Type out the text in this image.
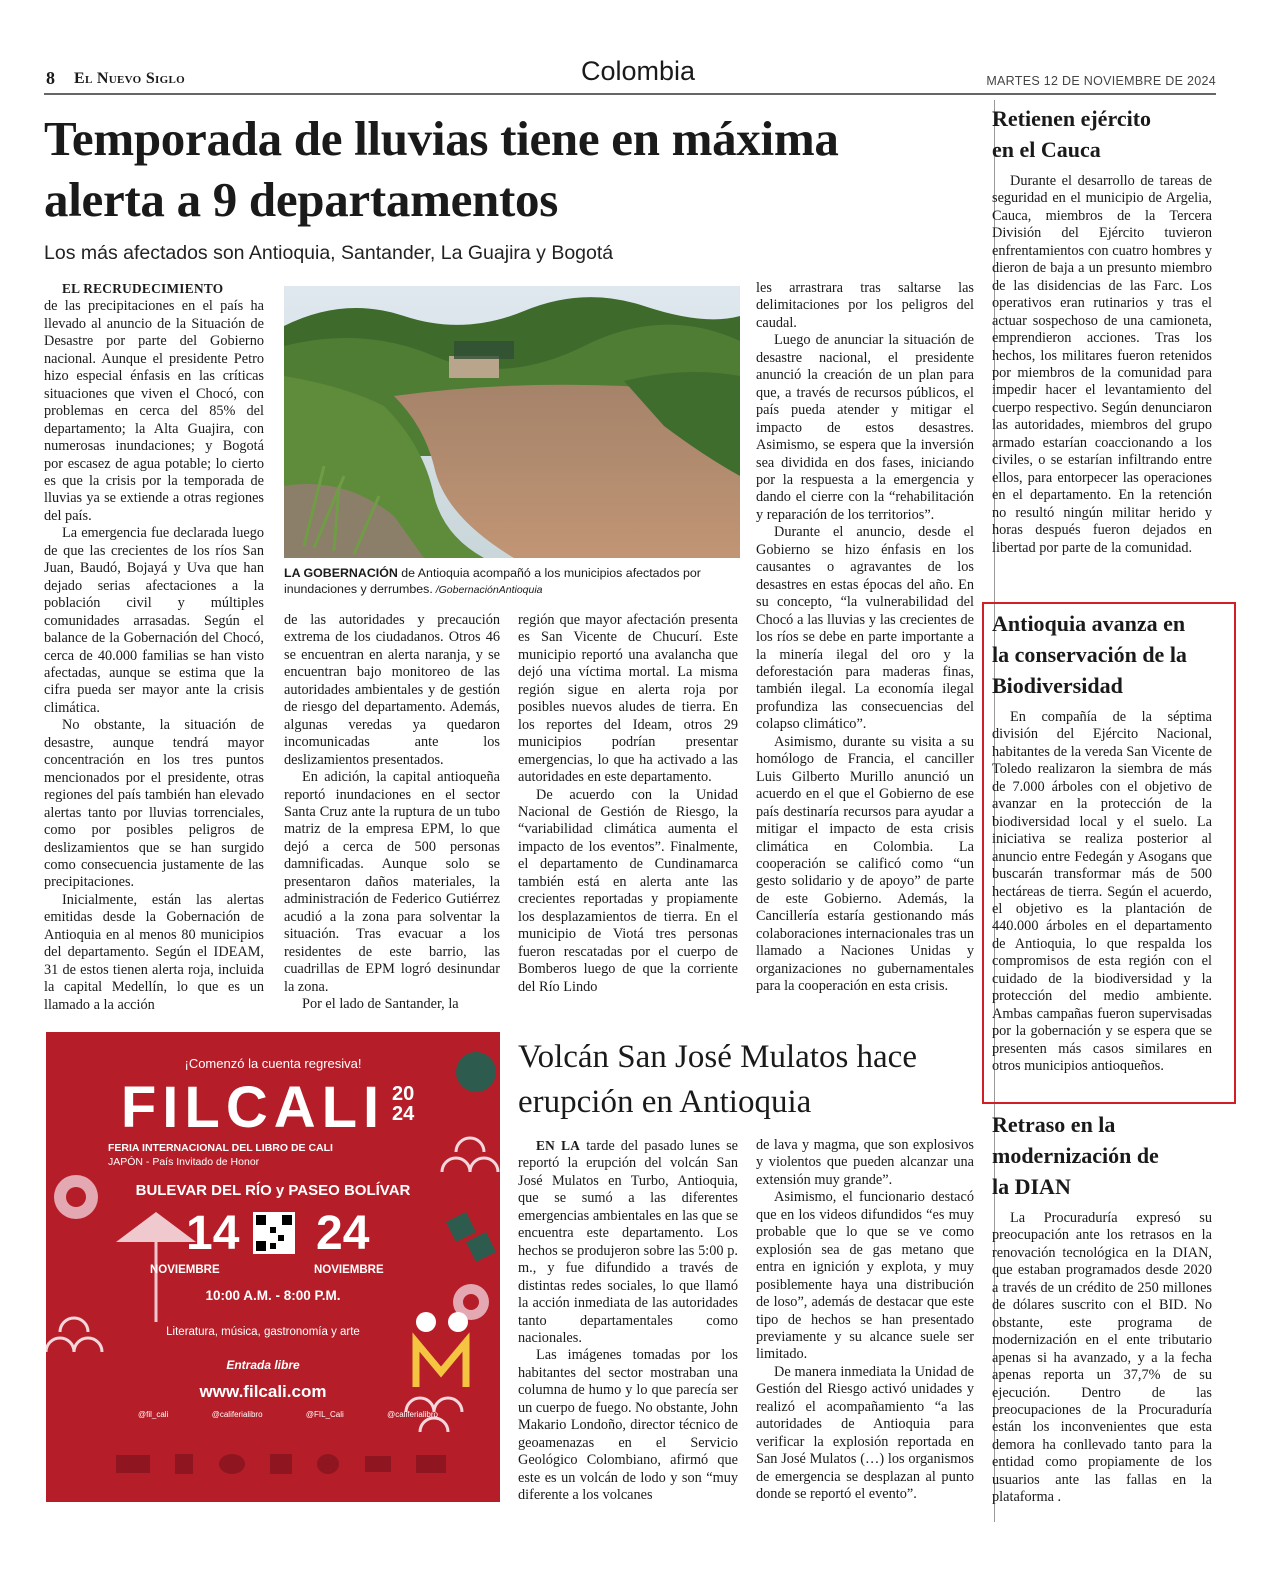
8 El Nuevo Siglo	Colombia	MARTES 12 DE NOVIEMBRE DE 2024
Temporada de lluvias tiene en máxima alerta a 9 departamentos
Los más afectados son Antioquia, Santander, La Guajira y Bogotá

EL RECRUDECIMIENTO
de las precipitaciones en el país ha llevado al anuncio de la Situación de Desastre por parte del Gobierno nacional. Aunque el presidente Petro hizo especial énfasis en las críticas situaciones que viven el Chocó, con problemas en cerca del 85% del departamento; la Alta Guajira, con numerosas inundaciones; y Bogotá por escasez de agua potable; lo cierto es que la crisis por la temporada de lluvias ya se extiende a otras regiones del país.

La emergencia fue declarada luego de que las crecientes de los ríos San Juan, Baudó, Bojayá y Uva que han dejado serias afectaciones a la población civil y múltiples comunidades arrasadas. Según el balance de la Gobernación del Chocó, cerca de 40.000 familias se han visto afectadas, aunque se estima que la cifra pueda ser mayor ante la crisis climática.

No obstante, la situación de desastre, aunque tendrá mayor concentración en los tres puntos mencionados por el presidente, otras regiones del país también han elevado alertas tanto por lluvias torrenciales, como por posibles peligros de deslizamientos que se han surgido como consecuencia justamente de las precipitaciones.

Inicialmente, están las alertas emitidas desde la Gobernación de Antioquia en al menos 80 municipios del departamento. Según el IDEAM, 31 de estos tienen alerta roja, incluida la capital Medellín, lo que es un llamado a la acción

LA GOBERNACIÓN de Antioquia acompañó a los municipios afectados por inundaciones y derrumbes. /GobernaciónAntioquia

de las autoridades y precaución extrema de los ciudadanos. Otros 46 se encuentran en alerta naranja, y se encuentran bajo monitoreo de las autoridades ambientales y de gestión de riesgo del departamento. Además, algunas veredas ya quedaron incomunicadas ante los deslizamientos presentados.

En adición, la capital antioqueña reportó inundaciones en el sector Santa Cruz ante la ruptura de un tubo matriz de la empresa EPM, lo que dejó a cerca de 500 personas damnificadas. Aunque solo se presentaron daños materiales, la administración de Federico Gutiérrez acudió a la zona para solventar la situación. Tras evacuar a los residentes de este barrio, las cuadrillas de EPM logró desinundar la zona.

Por el lado de Santander, la

región que mayor afectación presenta es San Vicente de Chucurí. Este municipio reportó una avalancha que dejó una víctima mortal. La misma región sigue en alerta roja por posibles nuevos aludes de tierra. En los reportes del Ideam, otros 29 municipios podrían presentar emergencias, lo que ha activado a las autoridades en este departamento.

De acuerdo con la Unidad Nacional de Gestión de Riesgo, la “variabilidad climática aumenta el impacto de los eventos”. Finalmente, el departamento de Cundinamarca también está en alerta ante las crecientes reportadas y propiamente los desplazamientos de tierra. En el municipio de Viotá tres personas fueron rescatadas por el cuerpo de Bomberos luego de que la corriente del Río Lindo

les arrastrara tras saltarse las delimitaciones por los peligros del caudal.

Luego de anunciar la situación de desastre nacional, el presidente anunció la creación de un plan para que, a través de recursos públicos, el país pueda atender y mitigar el impacto de estos desastres. Asimismo, se espera que la inversión sea dividida en dos fases, iniciando por la respuesta a la emergencia y dando el cierre con la “rehabilitación y reparación de los territorios”.

Durante el anuncio, desde el Gobierno se hizo énfasis en los causantes o agravantes de los desastres en estas épocas del año. En su concepto, “la vulnerabilidad del Chocó a las lluvias y las crecientes de los ríos se debe en parte importante a la minería ilegal del oro y la deforestación para maderas finas, también ilegal. La economía ilegal profundiza las consecuencias del colapso climático”.

Asimismo, durante su visita a su homólogo de Francia, el canciller Luis Gilberto Murillo anunció un acuerdo en el que el Gobierno de ese país destinaría recursos para ayudar a mitigar el impacto de esta crisis climática en Colombia. La cooperación se calificó como “un gesto solidario y de apoyo” de parte de este Gobierno. Además, la Cancillería estaría gestionando más colaboraciones internacionales tras un llamado a Naciones Unidas y organizaciones no gubernamentales para la cooperación en esta crisis.

Volcán San José Mulatos hace erupción en Antioquia

EN LA tarde del pasado lunes se reportó la erupción del volcán San José Mulatos en Turbo, Antioquia, que se sumó a las diferentes emergencias ambientales en las que se encuentra este departamento. Los hechos se produjeron sobre las 5:00 p. m., y fue difundido a través de distintas redes sociales, lo que llamó la acción inmediata de las autoridades tanto departamentales como nacionales.

Las imágenes tomadas por los habitantes del sector mostraban una columna de humo y lo que parecía ser un cuerpo de fuego. No obstante, John Makario Londoño, director técnico de geoamenazas en el Servicio Geológico Colombiano, afirmó que este es un volcán de lodo y son “muy diferente a los volcanes

de lava y magma, que son explosivos y violentos que pueden alcanzar una extensión muy grande”.

Asimismo, el funcionario destacó que en los videos difundidos “es muy probable que lo que se ve como explosión sea de gas metano que entra en ignición y explota, y muy posiblemente haya una distribución de loso”, además de destacar que este tipo de hechos se han presentado previamente y su alcance suele ser limitado.

De manera inmediata la Unidad de Gestión del Riesgo activó unidades y realizó el acompañamiento “a las autoridades de Antioquia para verificar la explosión reportada en San José Mulatos (…) los organismos de emergencia se desplazan al punto donde se reportó el evento”.

Retienen ejército en el Cauca

Durante el desarrollo de tareas de seguridad en el municipio de Argelia, Cauca, miembros de la Tercera División del Ejército tuvieron enfrentamientos con cuatro hombres y dieron de baja a un presunto miembro de las disidencias de las Farc. Los operativos eran rutinarios y tras el actuar sospechoso de una camioneta, emprendieron acciones. Tras los hechos, los militares fueron retenidos por miembros de la comunidad para impedir hacer el levantamiento del cuerpo respectivo. Según denunciaron las autoridades, miembros del grupo armado estarían coaccionando a los civiles, o se estarían infiltrando entre ellos, para entorpecer las operaciones en el departamento. En la retención no resultó ningún militar herido y horas después fueron dejados en libertad por parte de la comunidad.

Antioquia avanza en la conservación de la Biodiversidad

En compañía de la séptima división del Ejército Nacional, habitantes de la vereda San Vicente de Toledo realizaron la siembra de más de 7.000 árboles con el objetivo de avanzar en la protección de la biodiversidad local y el suelo. La iniciativa se realiza posterior al anuncio entre Fedegán y Asogans que buscarán transformar más de 500 hectáreas de tierra. Según el acuerdo, el objetivo es la plantación de 440.000 árboles en el departamento de Antioquia, lo que respalda los compromisos de esta región con el cuidado de la biodiversidad y la protección del medio ambiente. Ambas campañas fueron supervisadas por la gobernación y se espera que se presenten más casos similares en otros municipios antioqueños.

Retraso en la modernización de la DIAN

La Procuraduría expresó su preocupación ante los retrasos en la renovación tecnológica en la DIAN, que estaban programados desde 2020 a través de un crédito de 250 millones de dólares suscrito con el BID. No obstante, este programa de modernización en el ente tributario apenas si ha avanzado, y a la fecha apenas reporta un 37,7% de su ejecución. Dentro de las preocupaciones de la Procuraduría están los inconvenientes que esta demora ha conllevado tanto para la entidad como propiamente de los usuarios ante las fallas en la plataforma .

¡Comenzó la cuenta regresiva!
FILCALI 20
24
FERIA INTERNACIONAL DEL LIBRO DE CALI
JAPÓN - País Invitado de Honor
BULEVAR DEL RÍO y PASEO BOLÍVAR
14
NOVIEMBRE
24
NOVIEMBRE
10:00 A.M. - 8:00 P.M.
Literatura, música, gastronomía y arte
Entrada libre
www.filcali.com
@fil_cali	@califerialibro	@FIL_Cali	@califerialibro
